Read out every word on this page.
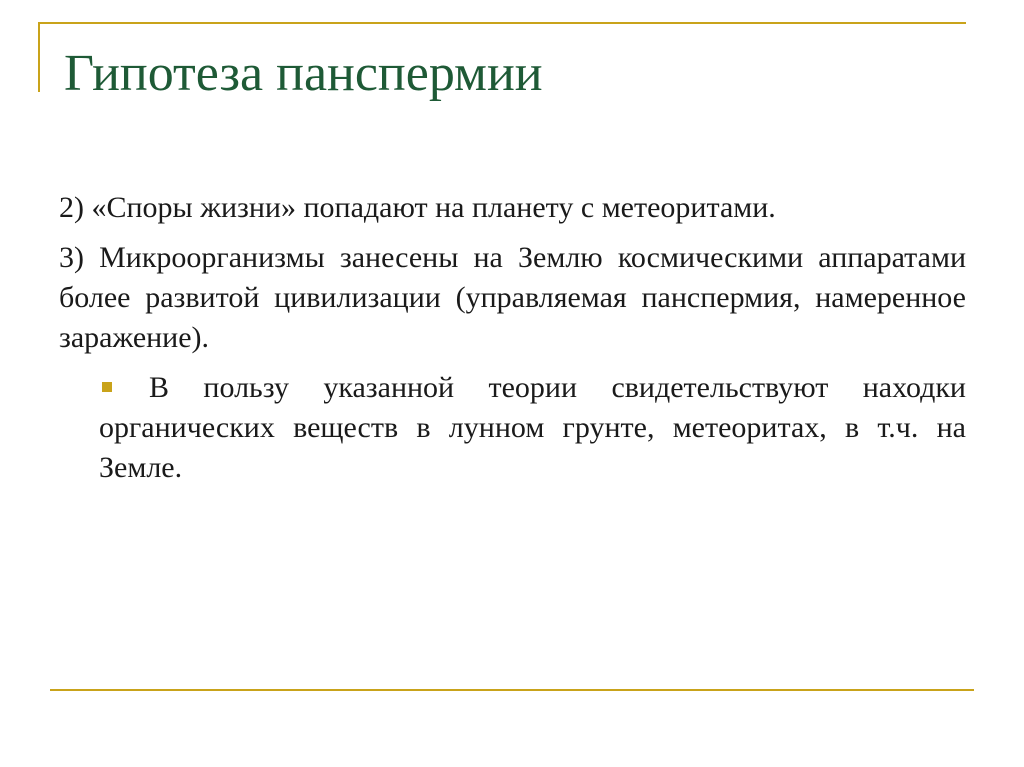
Гипотеза панспермии

2) «Споры жизни» попадают на планету с метеоритами.

3) Микроорганизмы занесены на Землю космическими аппаратами более развитой цивилизации (управляемая панспермия, намеренное заражение).

В пользу указанной теории свидетельствуют находки органических веществ в лунном грунте, метеоритах, в т.ч. на Земле.
